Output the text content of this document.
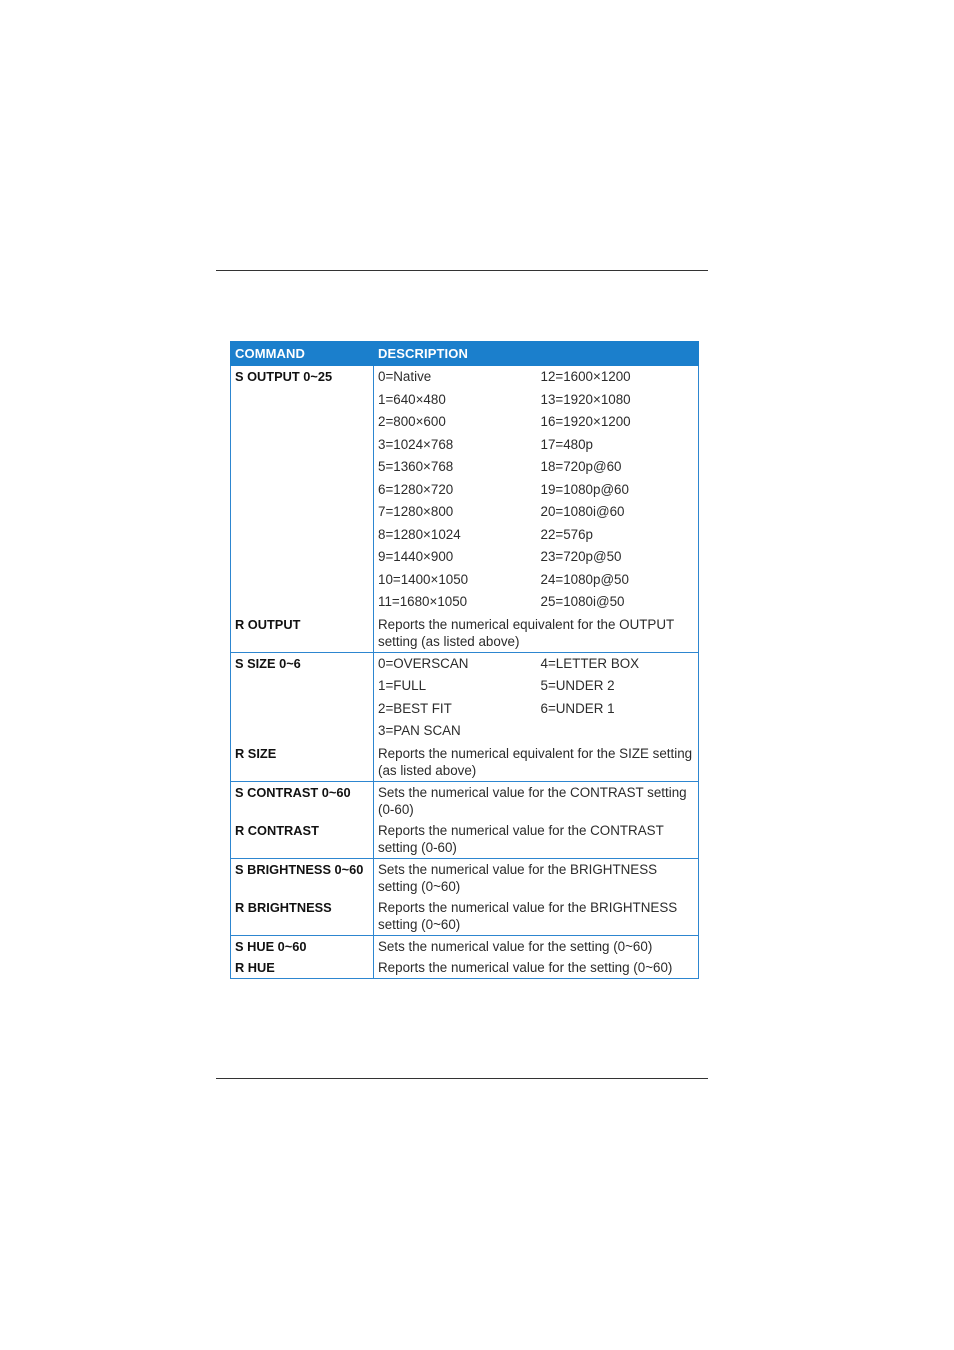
COMMAND	DESCRIPTION	
S OUTPUT 0~25	0=Native	12=1600×1200
	1=640×480	13=1920×1080
	2=800×600	16=1920×1200
	3=1024×768	17=480p
	5=1360×768	18=720p@60
	6=1280×720	19=1080p@60
	7=1280×800	20=1080i@60
	8=1280×1024	22=576p
	9=1440×900	23=720p@50
	10=1400×1050	24=1080p@50
	11=1680×1050	25=1080i@50
R OUTPUT	Reports the numerical equivalent for the OUTPUT setting (as listed above)	
S SIZE 0~6	0=OVERSCAN	4=LETTER BOX
	1=FULL	5=UNDER 2
	2=BEST FIT	6=UNDER 1
	3=PAN SCAN	
R SIZE	Reports the numerical equivalent for the SIZE setting (as listed above)	
S CONTRAST 0~60	Sets the numerical value for the CONTRAST setting (0-60)	
R CONTRAST	Reports the numerical value for the CONTRAST setting (0-60)	
S BRIGHTNESS 0~60	Sets the numerical value for the BRIGHTNESS setting (0~60)	
R BRIGHTNESS	Reports the numerical value for the BRIGHTNESS setting (0~60)	
S HUE 0~60	Sets the numerical value for the setting (0~60)	
R HUE	Reports the numerical value for the setting (0~60)	
